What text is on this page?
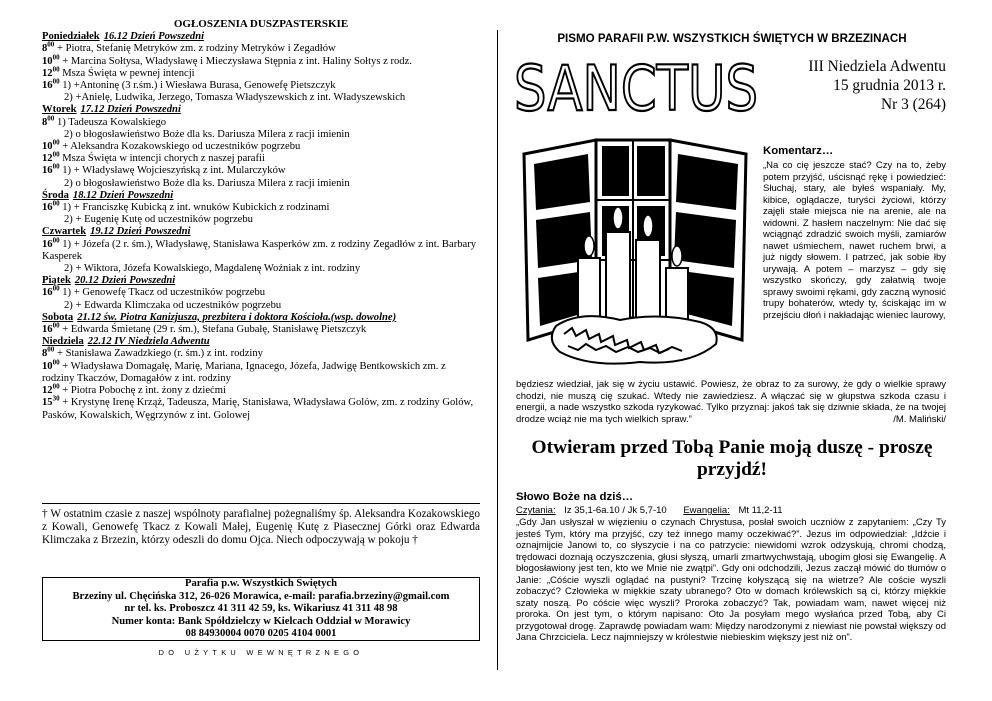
OGŁOSZENIA DUSZPASTERSKIE
Poniedziałek 16.12 Dzień Powszedni
$8^{00}$ + Piotra, Stefanię Metryków zm. z rodziny Metryków i Zegadłów
$10^{00}$ + Marcina Sołtysa, Władysławę i Mieczysława Stępnia z int. Haliny Sołtys z rodz.
$12^{00}$ Msza Święta w pewnej intencji
$16^{00}$ 1) +Antoninę (3 r.śm.) i Wiesława Burasa, Genowefę Pietszczyk
2) +Anielę, Ludwika, Jerzego, Tomasza Władyszewskich z int. Władyszewskich
Wtorek 17.12 Dzień Powszedni
$8^{00}$ 1) Tadeusza Kowalskiego
2) o błogosławieństwo Boże dla ks. Dariusza Milera z racji imienin
$10^{00}$ + Aleksandra Kozakowskiego od uczestników pogrzebu
$12^{00}$ Msza Święta w intencji chorych z naszej parafii
$16^{00}$ 1) + Władysławę Wojcieszyńską z int. Mularczyków
2) o błogosławieństwo Boże dla ks. Dariusza Milera z racji imienin
Środa 18.12 Dzień Powszedni
$16^{00}$ 1) + Franciszkę Kubicką z int. wnuków Kubickich z rodzinami
2) + Eugenię Kutę od uczestników pogrzebu
Czwartek 19.12 Dzień Powszedni
$16^{00}$ 1) + Józefa (2 r. śm.), Władysławę, Stanisława Kasperków zm. z rodziny Zegadłów z int. Barbary Kasperek
2) + Wiktora, Józefa Kowalskiego, Magdalenę Woźniak z int. rodziny
Piątek 20.12 Dzień Powszedni
$16^{00}$ 1) + Genowefę Tkacz od uczestników pogrzebu
2) + Edwarda Klimczaka od uczestników pogrzebu
Sobota 21.12 św. Piotra Kanizjusza, prezbitera i doktora Kościoła.(wsp. dowolne)
$16^{00}$ + Edwarda Śmietanę (29 r. śm.), Stefana Gubałę, Stanisławę Pietszczyk
Niedziela 22.12 IV Niedziela Adwentu
$8^{00}$ + Stanisława Zawadzkiego (r. śm.) z int. rodziny
$10^{00}$ + Władysława Domagałę, Marię, Mariana, Ignacego, Józefa, Jadwigę Bentkowskich zm. z rodziny Tkaczów, Domagałów z int. rodziny
$12^{00}$ + Piotra Pobochę z int. żony z dziećmi
$15^{30}$ + Krystynę Irenę Krząż, Tadeusza, Marię, Stanisława, Władysława Golów, zm. z rodziny Golów, Pasków, Kowalskich, Węgrzynów z int. Golowej
† W ostatnim czasie z naszej wspólnoty parafialnej pożegnaliśmy śp. Aleksandra Kozakowskiego z Kowali, Genowefę Tkacz z Kowali Małej, Eugenię Kutę z Piasecznej Górki oraz Edwarda Klimczaka z Brzezin, którzy odeszli do domu Ojca. Niech odpoczywają w pokoju †
Parafia p.w. Wszystkich Świętych
Brzeziny ul. Chęcińska 312, 26-026 Morawica, e-mail: parafia.brzeziny@gmail.com
nr tel. ks. Proboszcz 41 311 42 59, ks. Wikariusz 41 311 48 98
Numer konta: Bank Spółdzielczy w Kielcach Oddział w Morawicy
08 84930004 0070 0205 4104 0001
DO UŻYTKU WEWNĘTRZNEGO
PISMO PARAFII P.W. WSZYSTKICH ŚWIĘTYCH W BRZEZINACH
SANCTUS	III Niedziela Adwentu
15 grudnia 2013 r.
Nr 3 (264)
Komentarz…
„Na co cię jeszcze stać? Czy na to, żeby potem przyjść, uścisnąć rękę i powiedzieć: Słuchaj, stary, ale byłeś wspaniały. My, kibice, oglądacze, turyści życiowi, którzy zajęli stałe miejsca nie na arenie, ale na widowni. Z hasłem naczelnym: Nie dać się wciągnąć zdradzić swoich myśli, zamiarów nawet uśmiechem, nawet ruchem brwi, a już nigdy słowem. I patrzeć, jak sobie łby urywają. A potem – marzysz – gdy się wszystko skończy, gdy załatwią twoje sprawy swoimi rękami, gdy zaczną wynosić trupy bohaterów, wtedy ty, ściskając im w przejściu dłoń i nakładając wieniec laurowy,
będziesz wiedział, jak się w życiu ustawić. Powiesz, że obraz to za surowy, że gdy o wielkie sprawy chodzi, nie muszą cię szukać. Wtedy nie zawiedziesz. A włączać się w głupstwa szkoda czasu i energii, a nade wszystko szkoda ryzykować. Tylko przyznaj: jakoś tak się dziwnie składa, że na twojej drodze wciąż nie ma tych wielkich spraw.”	/M. Maliński/
Otwieram przed Tobą Panie moją duszę - proszę przyjdź!
Słowo Boże na dziś…
Czytania: Iz 35,1-6a.10 / Jk 5,7-10 Ewangelia: Mt 11,2-11
„Gdy Jan usłyszał w więzieniu o czynach Chrystusa, posłał swoich uczniów z zapytaniem: „Czy Ty jesteś Tym, który ma przyjść, czy też innego mamy oczekiwać?”. Jezus im odpowiedział: „Idźcie i oznajmijcie Janowi to, co słyszycie i na co patrzycie: niewidomi wzrok odzyskują, chromi chodzą, trędowaci doznają oczyszczenia, głusi słyszą, umarli zmartwychwstają, ubogim głosi się Ewangelię. A błogosławiony jest ten, kto we Mnie nie zwątpi”. Gdy oni odchodzili, Jezus zaczął mówić do tłumów o Janie: „Cóście wyszli oglądać na pustyni? Trzcinę kołyszącą się na wietrze? Ale coście wyszli zobaczyć? Człowieka w miękkie szaty ubranego? Oto w domach królewskich są ci, którzy miękkie szaty noszą. Po cóście więc wyszli? Proroka zobaczyć? Tak, powiadam wam, nawet więcej niż proroka. On jest tym, o którym napisano: Oto Ja posyłam mego wysłańca przed Tobą, aby Ci przygotował drogę. Zaprawdę powiadam wam: Między narodzonymi z niewiast nie powstał większy od Jana Chrzciciela. Lecz najmniejszy w królestwie niebieskim większy jest niż on”.
